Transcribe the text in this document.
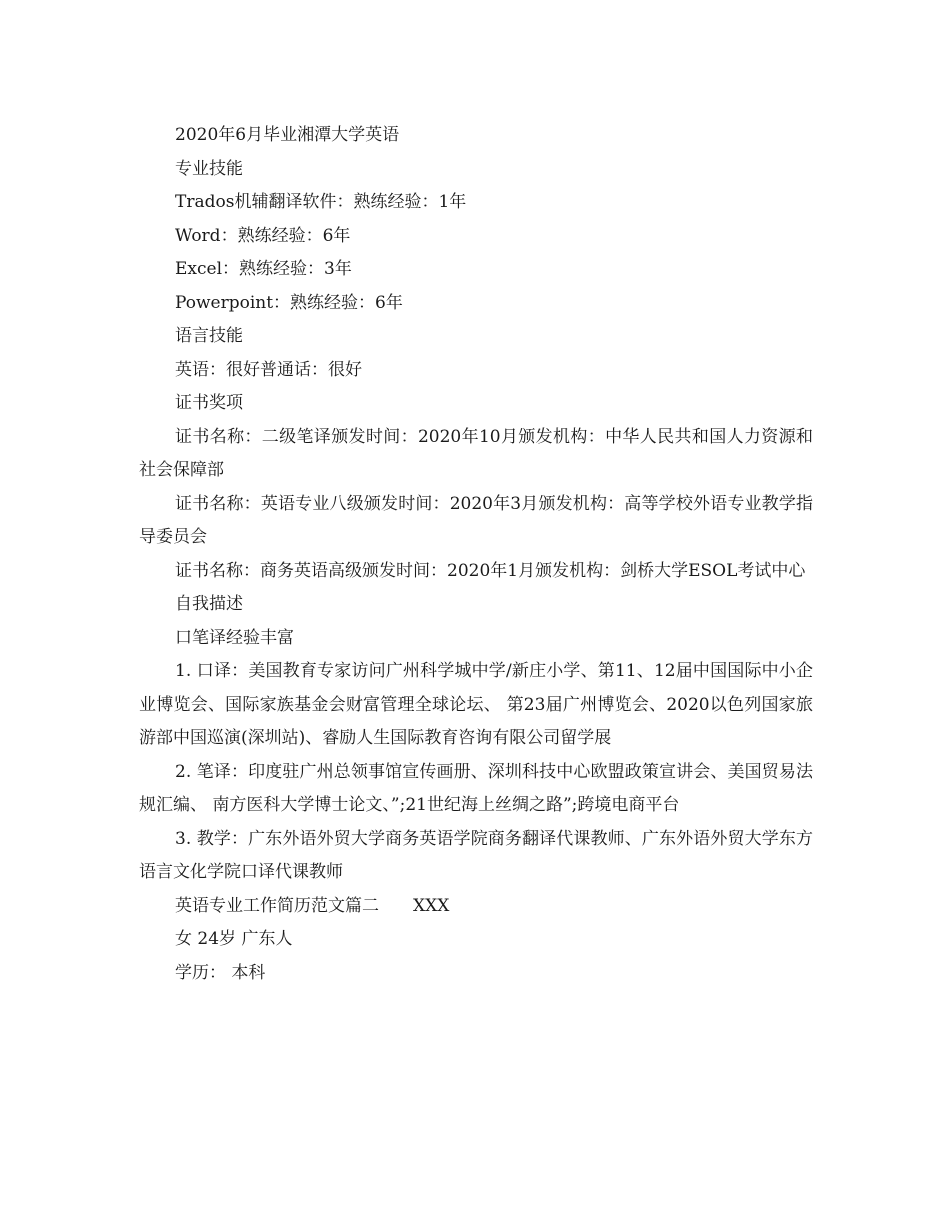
2020年6月毕业湘潭大学英语

专业技能

Trados机辅翻译软件：熟练经验：1年

Word：熟练经验：6年

Excel：熟练经验：3年

Powerpoint：熟练经验：6年

语言技能

英语：很好普通话：很好

证书奖项

证书名称：二级笔译颁发时间：2020年10月颁发机构：中华人民共和国人力资源和社会保障部

证书名称：英语专业八级颁发时间：2020年3月颁发机构：高等学校外语专业教学指导委员会

证书名称：商务英语高级颁发时间：2020年1月颁发机构：剑桥大学ESOL考试中心

自我描述

口笔译经验丰富

1. 口译：美国教育专家访问广州科学城中学/新庄小学、第11、12届中国国际中小企业博览会、国际家族基金会财富管理全球论坛、 第23届广州博览会、2020以色列国家旅游部中国巡演(深圳站)、睿励人生国际教育咨询有限公司留学展

2. 笔译：印度驻广州总领事馆宣传画册、深圳科技中心欧盟政策宣讲会、美国贸易法规汇编、 南方医科大学博士论文、”;21世纪海上丝绸之路”;跨境电商平台

3. 教学：广东外语外贸大学商务英语学院商务翻译代课教师、广东外语外贸大学东方语言文化学院口译代课教师

英语专业工作简历范文篇二　　XXX

女 24岁 广东人

学历： 本科
